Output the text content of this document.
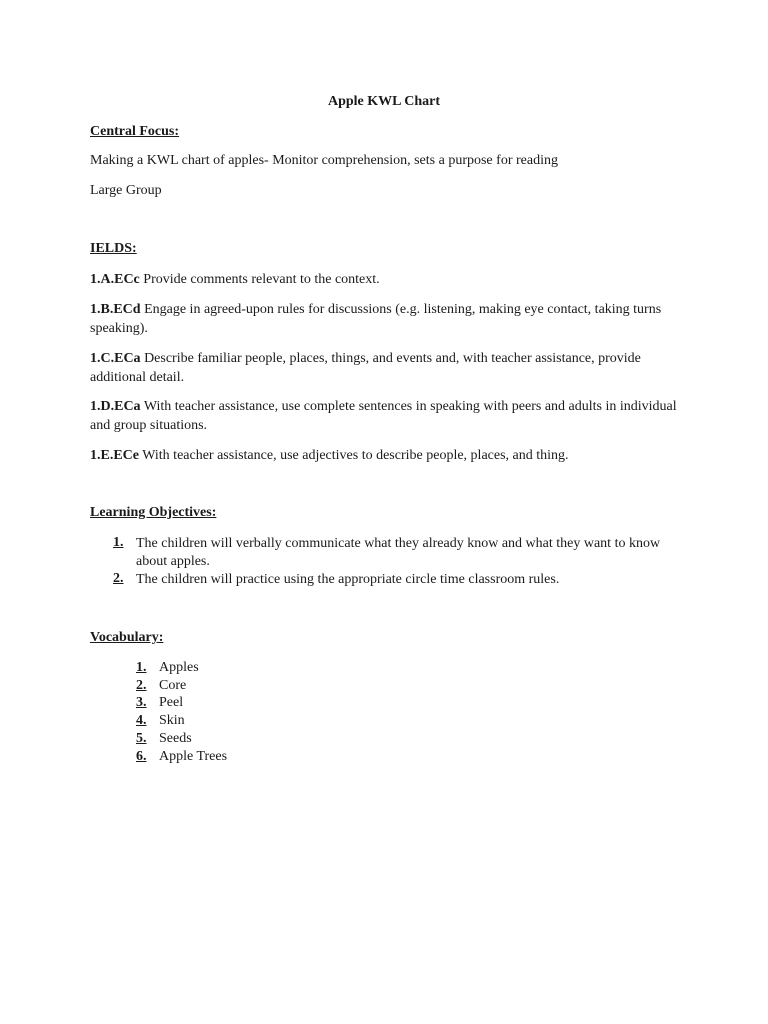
Apple KWL Chart
Central Focus:
Making a KWL chart of apples- Monitor comprehension, sets a purpose for reading
Large Group
IELDS:
1.A.ECc Provide comments relevant to the context.
1.B.ECd Engage in agreed-upon rules for discussions (e.g. listening, making eye contact, taking turns speaking).
1.C.ECa Describe familiar people, places, things, and events and, with teacher assistance, provide additional detail.
1.D.ECa With teacher assistance, use complete sentences in speaking with peers and adults in individual and group situations.
1.E.ECe With teacher assistance, use adjectives to describe people, places, and thing.
Learning Objectives:
1. The children will verbally communicate what they already know and what they want to know about apples.
2. The children will practice using the appropriate circle time classroom rules.
Vocabulary:
1. Apples
2. Core
3. Peel
4. Skin
5. Seeds
6. Apple Trees
